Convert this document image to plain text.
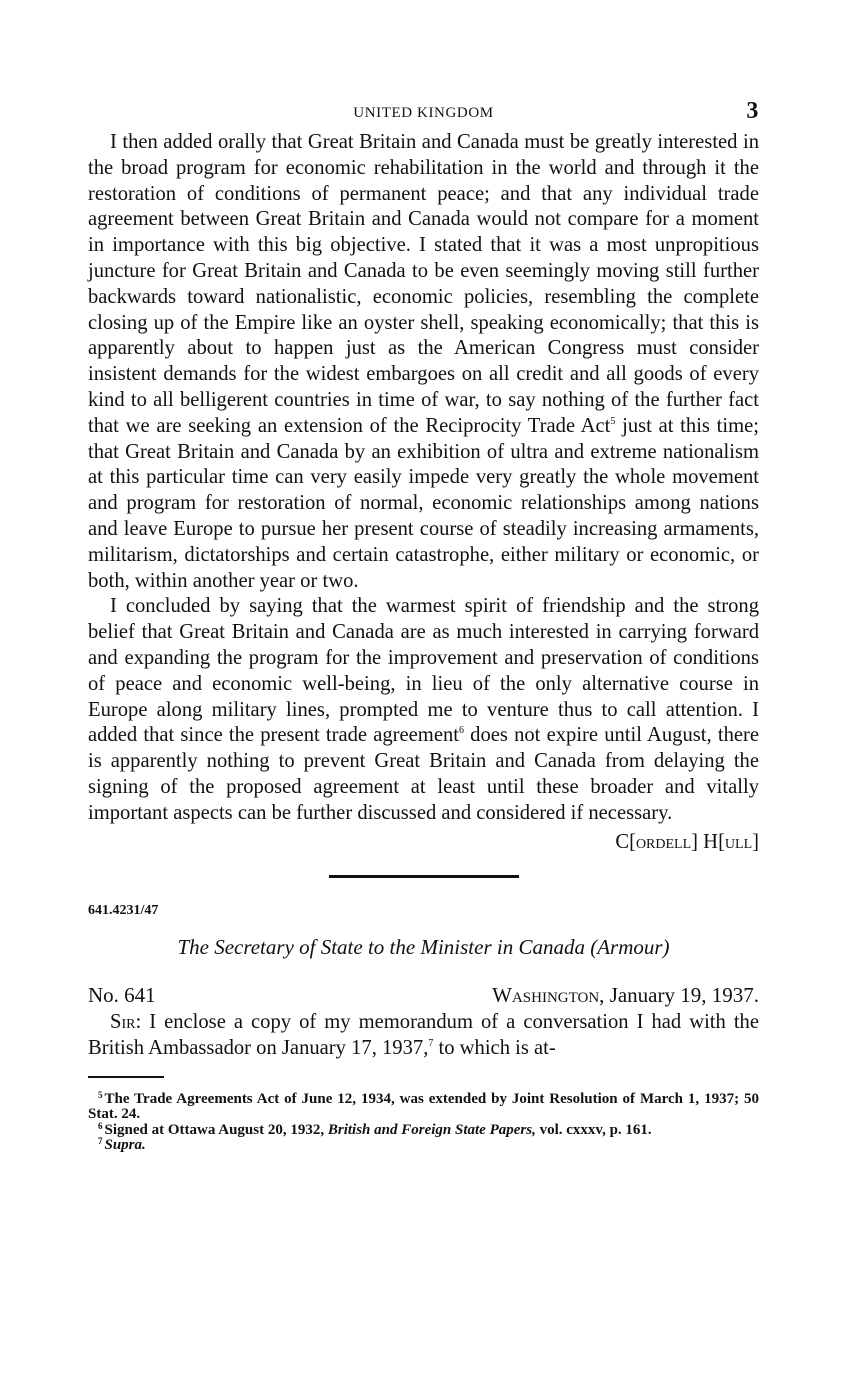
UNITED KINGDOM	3

I then added orally that Great Britain and Canada must be greatly interested in the broad program for economic rehabilitation in the world and through it the restoration of conditions of permanent peace; and that any individual trade agreement between Great Britain and Canada would not compare for a moment in importance with this big objective. I stated that it was a most unpropitious juncture for Great Britain and Canada to be even seemingly moving still further backwards toward nationalistic, economic policies, resembling the complete closing up of the Empire like an oyster shell, speaking economically; that this is apparently about to happen just as the American Congress must consider insistent demands for the widest embargoes on all credit and all goods of every kind to all belligerent countries in time of war, to say nothing of the further fact that we are seeking an extension of the Reciprocity Trade Act$^5$ just at this time; that Great Britain and Canada by an exhibition of ultra and extreme nationalism at this particular time can very easily impede very greatly the whole movement and program for restoration of normal, economic relationships among nations and leave Europe to pursue her present course of steadily increasing armaments, militarism, dictatorships and certain catastrophe, either military or economic, or both, within another year or two.

I concluded by saying that the warmest spirit of friendship and the strong belief that Great Britain and Canada are as much interested in carrying forward and expanding the program for the improvement and preservation of conditions of peace and economic well-being, in lieu of the only alternative course in Europe along military lines, prompted me to venture thus to call attention. I added that since the present trade agreement$^6$ does not expire until August, there is apparently nothing to prevent Great Britain and Canada from delaying the signing of the proposed agreement at least until these broader and vitally important aspects can be further discussed and considered if necessary.

C[ordell] H[ull]
641.4231/47
The Secretary of State to the Minister in Canada (Armour)
No. 641	Washington, January 19, 1937.
Sir: I enclose a copy of my memorandum of a conversation I had with the British Ambassador on January 17, 1937,$^7$ to which is at-

$^5$ The Trade Agreements Act of June 12, 1934, was extended by Joint Resolution of March 1, 1937; 50 Stat. 24.

$^6$ Signed at Ottawa August 20, 1932, British and Foreign State Papers, vol. cxxxv, p. 161.

$^7$ Supra.
